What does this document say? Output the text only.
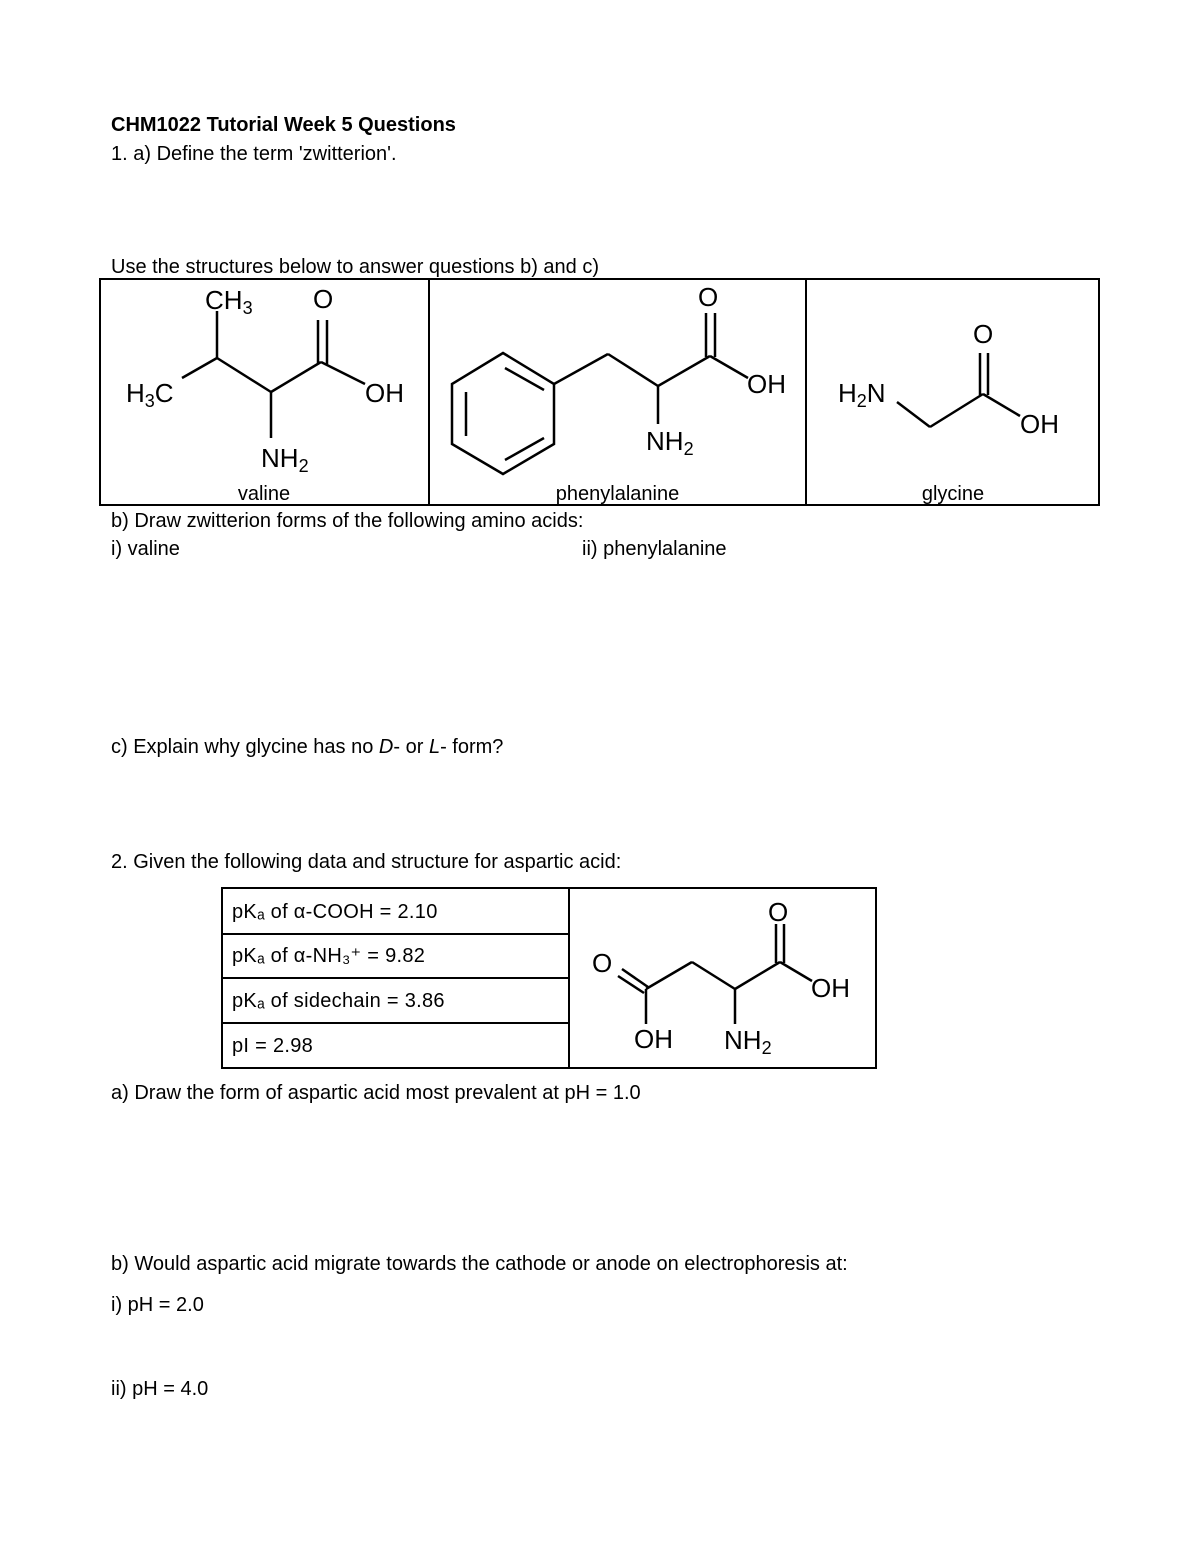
CHM1022 Tutorial Week 5 Questions
1. a) Define the term 'zwitterion'.
Use the structures below to answer questions b) and c)
CH3 O
H3C	OH
NH2
valine
O
OH
NH2
phenylalanine
O
H2N
OH
glycine
b) Draw zwitterion forms of the following amino acids:
i) valine	ii) phenylalanine
c) Explain why glycine has no D- or L- form?
2. Given the following data and structure for aspartic acid:
pKₐ of α-COOH = 2.10
pKₐ of α-NH₃⁺ = 9.82
pKₐ of sidechain = 3.86
pI = 2.98
O
O
OH
OH NH2
a) Draw the form of aspartic acid most prevalent at pH = 1.0
b) Would aspartic acid migrate towards the cathode or anode on electrophoresis at:
i) pH = 2.0
ii) pH = 4.0
